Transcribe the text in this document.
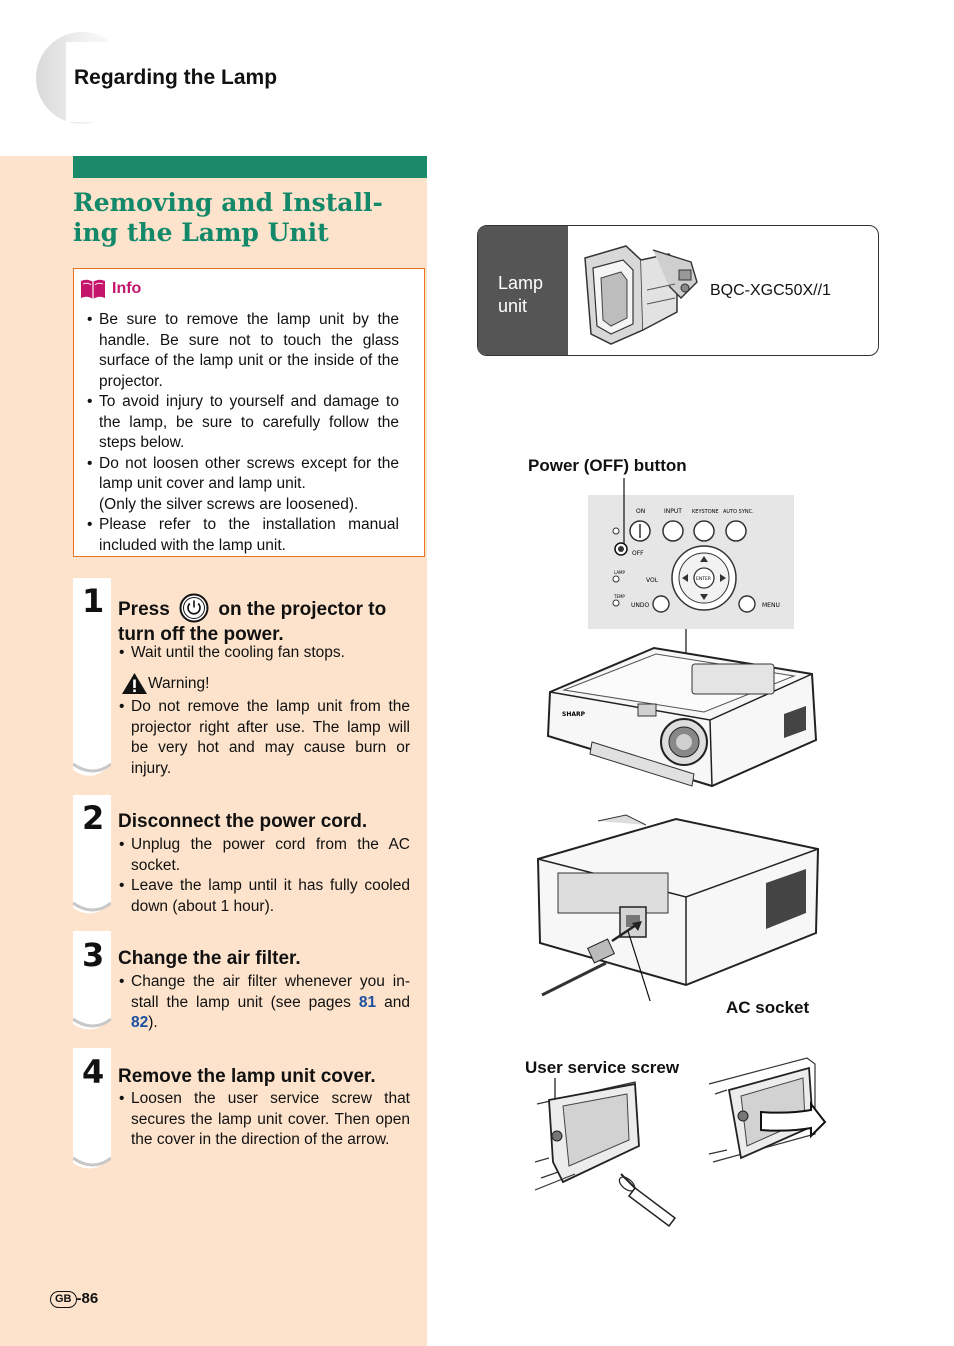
Regarding the Lamp
Removing and Install-
ing the Lamp Unit
Info
• Be sure to remove the lamp unit by the handle. Be sure not to touch the glass surface of the lamp unit or the inside of the projector.
• To avoid injury to yourself and damage to the lamp, be sure to carefully follow the steps below.
• Do not loosen other screws except for the lamp unit cover and lamp unit.
(Only the silver screws are loosened).
• Please refer to the installation manual included with the lamp unit.
1 Press	on the projector to turn off the power.
• Wait until the cooling fan stops.
Warning!
• Do not remove the lamp unit from the projector right after use. The lamp will be very hot and may cause burn or injury.
2 Disconnect the power cord.
• Unplug the power cord from the AC socket.
• Leave the lamp until it has fully cooled down (about 1 hour).
3 Change the air filter.
• Change the air filter whenever you in-stall the lamp unit (see pages 81 and 82).
4 Remove the lamp unit cover.
• Loosen the user service screw that secures the lamp unit cover. Then open the cover in the direction of the arrow.
Lamp
unit
BQC-XGC50X//1
Power (OFF) button
ON	INPUT KEYSTONE AUTO SYNC.
OFF
LAMP
TEMP
VOL	ENTER
UNDO	MENU
SHARP
AC socket
User service screw
GB -86
